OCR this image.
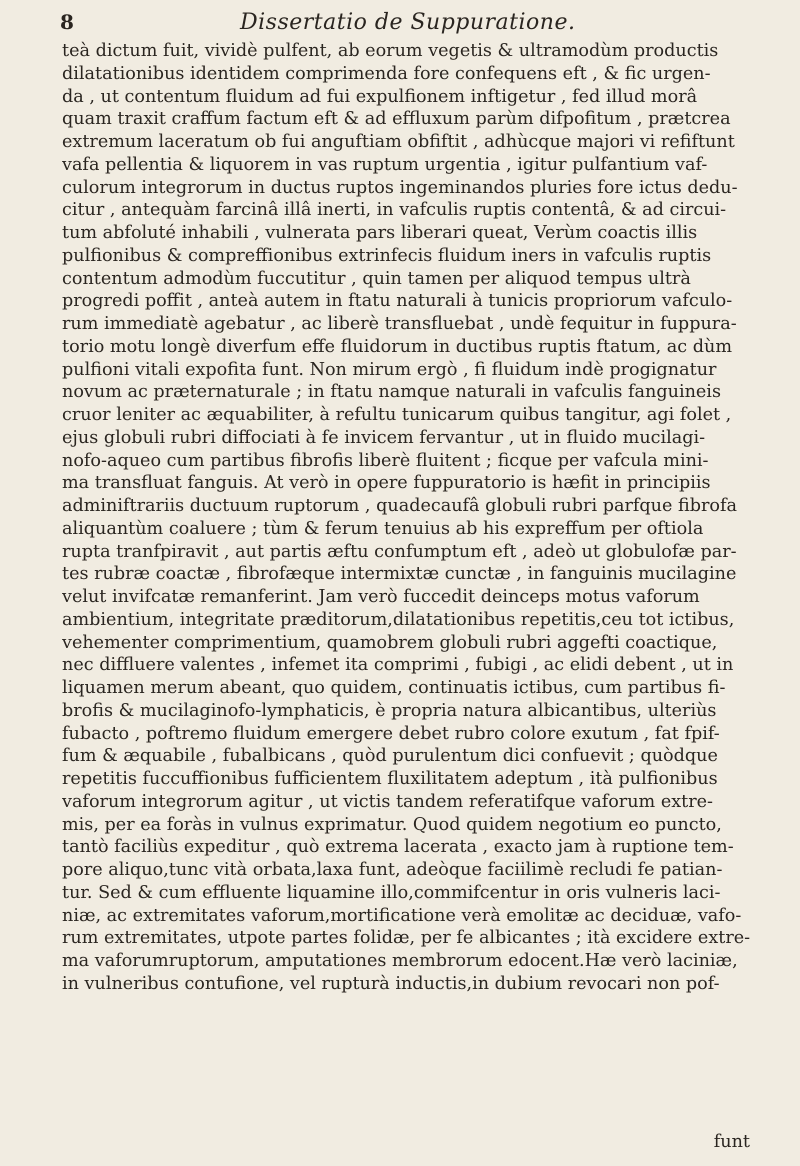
8	Dissertatio de Suppuratione.
teà dictum fuit, vividè pulfent, ab eorum vegetis & ultramodùm productis
dilatationibus identidem comprimenda fore confequens eft , & fic urgen-
da , ut contentum fluidum ad fui expulfionem inftigetur , fed illud morâ
quam traxit craffum factum eft & ad effluxum parùm difpofitum , prætcrea
extremum laceratum ob fui anguftiam obfiftit , adhùcque majori vi refiftunt
vafa pellentia & liquorem in vas ruptum urgentia , igitur pulfantium vaf-
culorum integrorum in ductus ruptos ingeminandos pluries fore ictus dedu-
citur , antequàm farcinâ illâ inerti, in vafculis ruptis contentâ, & ad circui-
tum abfoluté inhabili , vulnerata pars liberari queat, Verùm coactis illis
pulfionibus & compreffionibus extrinfecis fluidum iners in vafculis ruptis
contentum admodùm fuccutitur , quin tamen per aliquod tempus ultrà
progredi poffit , anteà autem in ftatu naturali à tunicis propriorum vafculo-
rum immediatè agebatur , ac liberè transfluebat , undè fequitur in fuppura-
torio motu longè diverfum effe fluidorum in ductibus ruptis ftatum, ac dùm
pulfioni vitali expofita funt. Non mirum ergò , fi fluidum indè progignatur
novum ac præternaturale ; in ftatu namque naturali in vafculis fanguineis
cruor leniter ac æquabiliter, à refultu tunicarum quibus tangitur, agi folet ,
ejus globuli rubri diffociati à fe invicem fervantur , ut in fluido mucilagi-
nofo-aqueo cum partibus fibrofis liberè fluitent ; ficque per vafcula mini-
ma transfluat fanguis. At verò in opere fuppuratorio is hæfit in principiis
adminiftrariis ductuum ruptorum , quadecaufâ globuli rubri parfque fibrofa
aliquantùm coaluere ; tùm & ferum tenuius ab his expreffum per oftiola
rupta tranfpiravit , aut partis æftu confumptum eft , adeò ut globulofæ par-
tes rubræ coactæ , fibrofæque intermixtæ cunctæ , in fanguinis mucilagine
velut invifcatæ remanferint. Jam verò fuccedit deinceps motus vaforum
ambientium, integritate præditorum,dilatationibus repetitis,ceu tot ictibus,
vehementer comprimentium, quamobrem globuli rubri aggefti coactique,
nec diffluere valentes , infemet ita comprimi , fubigi , ac elidi debent , ut in
liquamen merum abeant, quo quidem, continuatis ictibus, cum partibus fi-
brofis & mucilaginofo-lymphaticis, è propria natura albicantibus, ulteriùs
fubacto , poftremo fluidum emergere debet rubro colore exutum , fat fpif-
fum & æquabile , fubalbicans , quòd purulentum dici confuevit ; quòdque
repetitis fuccuffionibus fufficientem fluxilitatem adeptum , ità pulfionibus
vaforum integrorum agitur , ut victis tandem referatifque vaforum extre-
mis, per ea foràs in vulnus exprimatur. Quod quidem negotium eo puncto,
tantò faciliùs expeditur , quò extrema lacerata , exacto jam à ruptione tem-
pore aliquo,tunc vità orbata,laxa funt, adeòque faciilimè recludi fe patian-
tur. Sed & cum effluente liquamine illo,commifcentur in oris vulneris laci-
niæ, ac extremitates vaforum,mortificatione verà emolitæ ac deciduæ, vafo-
rum extremitates, utpote partes folidæ, per fe albicantes ; ità excidere extre-
ma vaforumruptorum, amputationes membrorum edocent.Hæ verò laciniæ,
in vulneribus contufione, vel rupturà inductis,in dubium revocari non pof-
funt
